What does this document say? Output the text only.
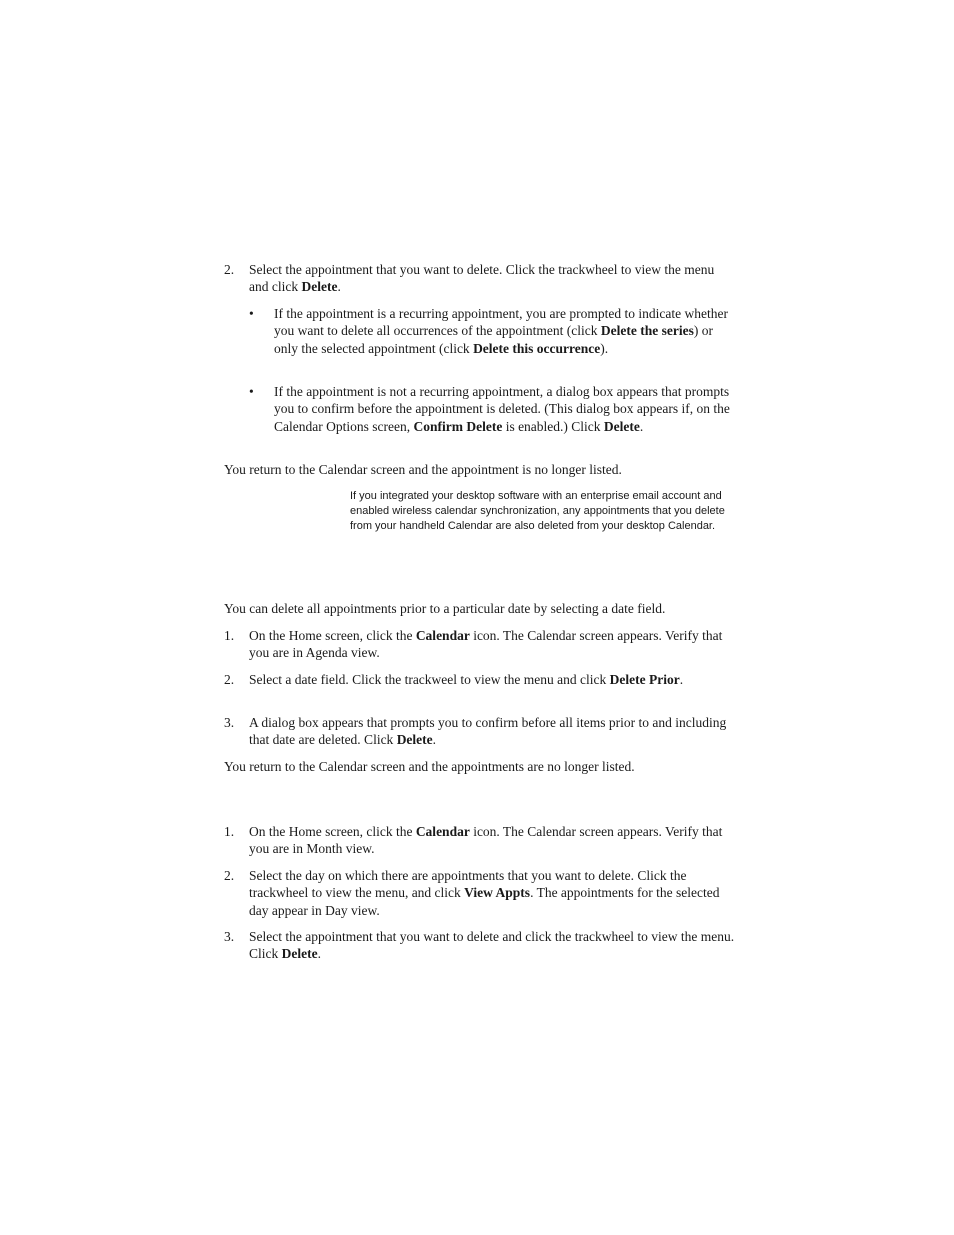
2. Select the appointment that you want to delete. Click the trackwheel to view the menu and click Delete.
• If the appointment is a recurring appointment, you are prompted to indicate whether you want to delete all occurrences of the appointment (click Delete the series) or only the selected appointment (click Delete this occurrence).
• If the appointment is not a recurring appointment, a dialog box appears that prompts you to confirm before the appointment is deleted. (This dialog box appears if, on the Calendar Options screen, Confirm Delete is enabled.) Click Delete.
You return to the Calendar screen and the appointment is no longer listed.
If you integrated your desktop software with an enterprise email account and enabled wireless calendar synchronization, any appointments that you delete from your handheld Calendar are also deleted from your desktop Calendar.
You can delete all appointments prior to a particular date by selecting a date field.
1. On the Home screen, click the Calendar icon. The Calendar screen appears. Verify that you are in Agenda view.
2. Select a date field. Click the trackweel to view the menu and click Delete Prior.
3. A dialog box appears that prompts you to confirm before all items prior to and including that date are deleted. Click Delete.
You return to the Calendar screen and the appointments are no longer listed.
1. On the Home screen, click the Calendar icon. The Calendar screen appears. Verify that you are in Month view.
2. Select the day on which there are appointments that you want to delete. Click the trackwheel to view the menu, and click View Appts. The appointments for the selected day appear in Day view.
3. Select the appointment that you want to delete and click the trackwheel to view the menu. Click Delete.
